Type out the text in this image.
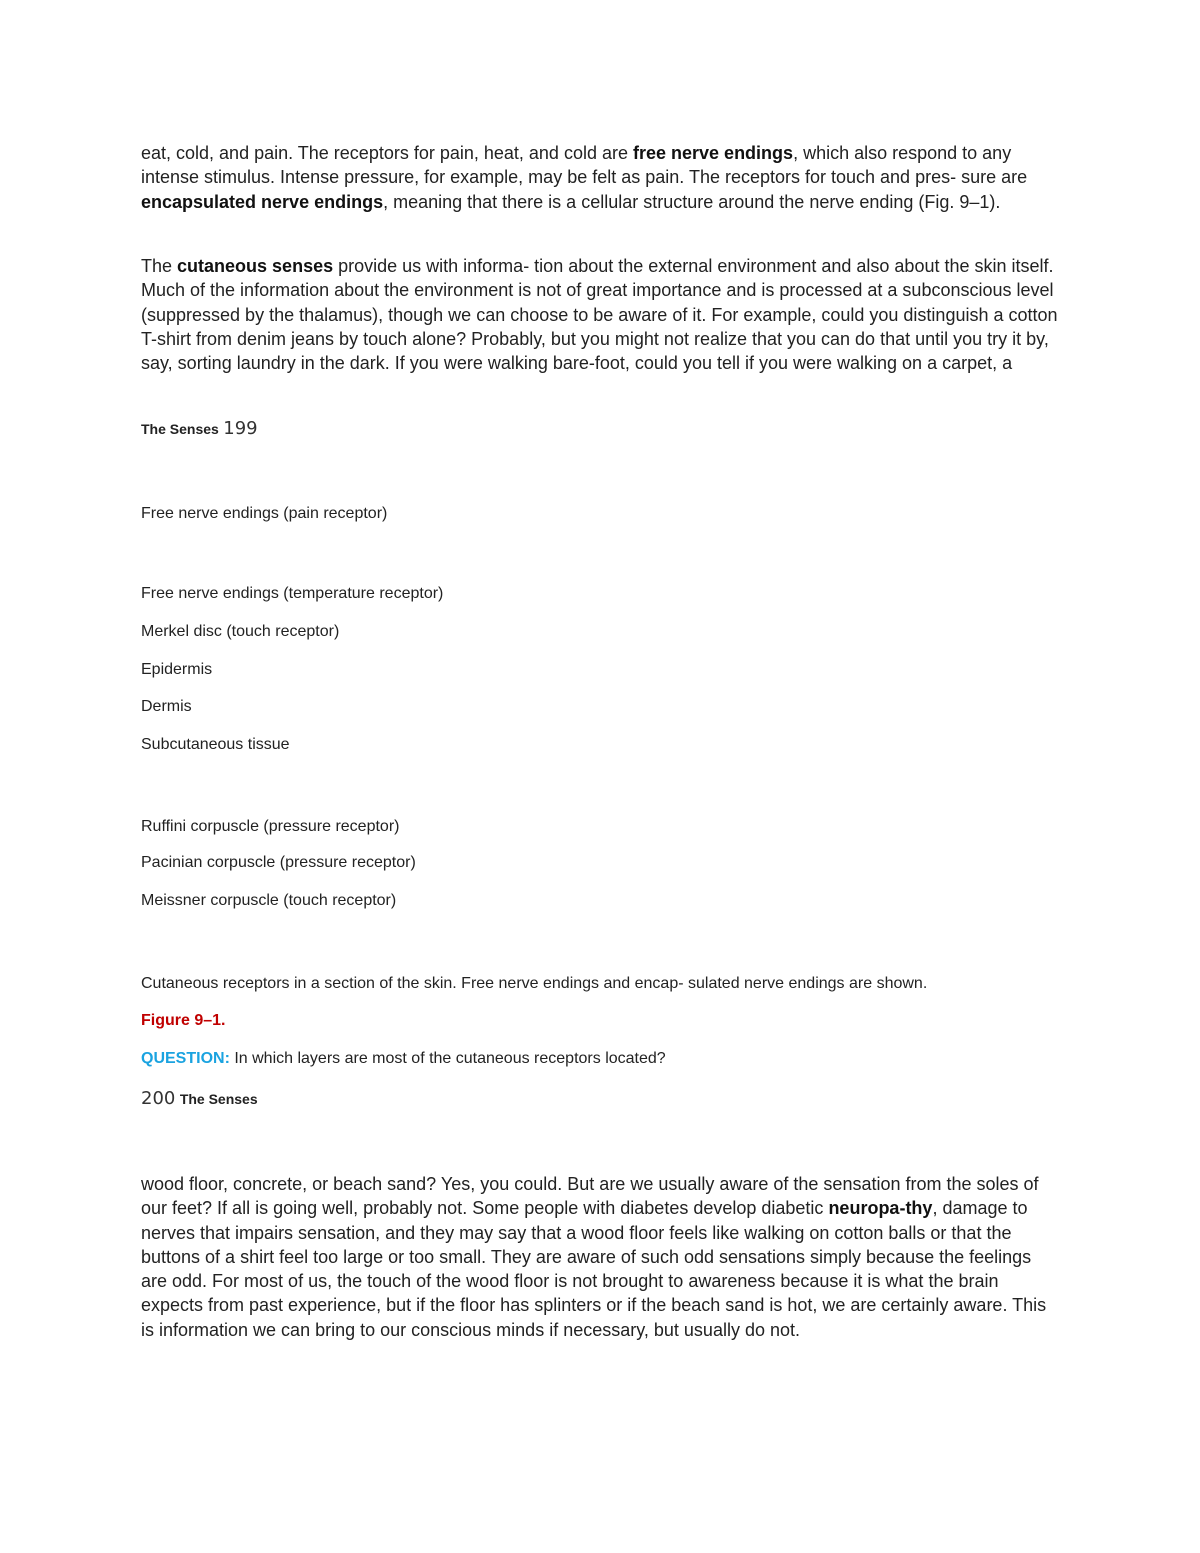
eat, cold, and pain. The receptors for pain, heat, and cold are free nerve endings, which also respond to any intense stimulus. Intense pressure, for example, may be felt as pain. The receptors for touch and pres- sure are encapsulated nerve endings, meaning that there is a cellular structure around the nerve ending (Fig. 9–1).

The cutaneous senses provide us with informa- tion about the external environment and also about the skin itself. Much of the information about the environment is not of great importance and is processed at a subconscious level (suppressed by the thalamus), though we can choose to be aware of it. For example, could you distinguish a cotton T-shirt from denim jeans by touch alone? Probably, but you might not realize that you can do that until you try it by, say, sorting laundry in the dark. If you were walking bare-foot, could you tell if you were walking on a carpet, a

The Senses 199

Free nerve endings (pain receptor)

Free nerve endings (temperature receptor)

Merkel disc (touch receptor)

Epidermis

Dermis

Subcutaneous tissue

Ruffini corpuscle (pressure receptor)

Pacinian corpuscle (pressure receptor)

Meissner corpuscle (touch receptor)

Cutaneous receptors in a section of the skin. Free nerve endings and encap- sulated nerve endings are shown.

Figure 9–1.

QUESTION: In which layers are most of the cutaneous receptors located?

200 The Senses

wood floor, concrete, or beach sand? Yes, you could. But are we usually aware of the sensation from the soles of our feet? If all is going well, probably not. Some people with diabetes develop diabetic neuropa-thy, damage to nerves that impairs sensation, and they may say that a wood floor feels like walking on cotton balls or that the buttons of a shirt feel too large or too small. They are aware of such odd sensations simply because the feelings are odd. For most of us, the touch of the wood floor is not brought to awareness because it is what the brain expects from past experience, but if the floor has splinters or if the beach sand is hot, we are certainly aware. This is information we can bring to our conscious minds if necessary, but usually do not.
